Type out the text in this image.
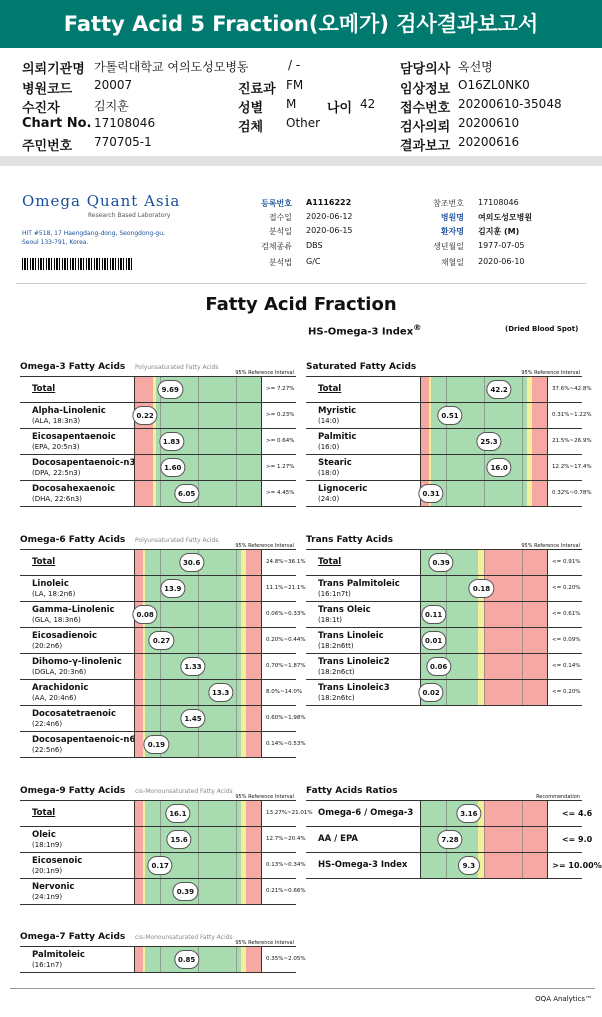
Fatty Acid 5 Fraction(오메가) 검사결과보고서
의뢰기관명 가톨릭대학교 여의도성모병동	/ -
병원코드 20007
수진자	김지훈
Chart No. 17108046
주민번호 770705-1
진료과 FM
성별 M 나이 42
검체 Other
담당의사 옥선명
임상정보 O16ZL0NK0
접수번호 20200610-35048
검사의뢰 20200610
결과보고 20200616
Omega Quant Asia
Research Based Laboratory
HIT #518, 17 Haengdang-dong, Seongdong-gu,
Seoul 133-791, Korea.
등록번호 A1116222
접수일 2020-06-12
분석일 2020-06-15
검체종류 DBS
분석법 G/C
참조번호 17108046
병원명 여의도성모병원
환자명 김지훈 (M)
생년월일 1977-07-05
채혈일 2020-06-10
Fatty Acid Fraction
HS-Omega-3 Index®	(Dried Blood Spot)
Omega-3 Fatty Acids Polyunsaturated Fatty Acids
95% Reference Interval
Total	9.69	>= 7.27%
Alpha-Linolenic
(ALA, 18:3n3)
0.22	>= 0.23%
Eicosapentaenoic
(EPA, 20:5n3)
1.83	>= 0.64%
Docosapentaenoic-n3
(DPA, 22:5n3)
1.60	>= 1.27%
Docosahexaenoic
(DHA, 22:6n3)
6.05	>= 4.45%
Saturated Fatty Acids
95% Reference Interval
Total	42.2	37.6%~42.8%
Myristic
(14:0)
0.51	0.31%~1.22%
Palmitic
(16:0)
25.3	21.5%~26.9%
Stearic
(18:0)
16.0	12.2%~17.4%
Lignoceric
(24:0)
0.31	0.32%~0.78%
Omega-6 Fatty Acids Polyunsaturated Fatty Acids
95% Reference Interval
Total	30.6	24.8%~36.1%
Linoleic
(LA, 18:2n6)
13.9	11.1%~21.1%
Gamma-Linolenic
(GLA, 18:3n6)
0.08	0.06%~0.33%
Eicosadienoic
(20:2n6)
0.27	0.20%~0.44%
Dihomo-γ-linolenic
(DGLA, 20:3n6)
1.33	0.70%~1.87%
Arachidonic
(AA, 20:4n6)
13.3	8.0%~14.0%
Docosatetraenoic
(22:4n6)
1.45	0.60%~1.98%
Docosapentaenoic-n6
(22:5n6)
0.19	0.14%~0.53%
Trans Fatty Acids
95% Reference Interval
Total	0.39	<= 0.91%
Trans Palmitoleic
(16:1n7t)
0.18	<= 0.20%
Trans Oleic
(18:1t)
0.11	<= 0.61%
Trans Linoleic
(18:2n6tt)
0.01	<= 0.09%
Trans Linoleic2
(18:2n6ct)
0.06	<= 0.14%
Trans Linoleic3
(18:2n6tc)
0.02	<= 0.20%
Omega-9 Fatty Acids cis-Monounsaturated Fatty Acids
95% Reference Interval
Total	16.1	13.27%~21.01%
Oleic
(18:1n9)
15.6	12.7%~20.4%
Eicosenoic
(20:1n9)
0.17	0.13%~0.34%
Nervonic
(24:1n9)
0.39	0.21%~0.66%
Fatty Acids Ratios
Recommendation
Omega-6 / Omega-3	3.16	<= 4.6
AA / EPA	7.28	<= 9.0
HS-Omega-3 Index	9.3	>= 10.00%
Omega-7 Fatty Acids cis-Monounsaturated Fatty Acids
95% Reference Interval
Palmitoleic
(16:1n7)
0.85	0.35%~2.05%
OQA Analytics™
